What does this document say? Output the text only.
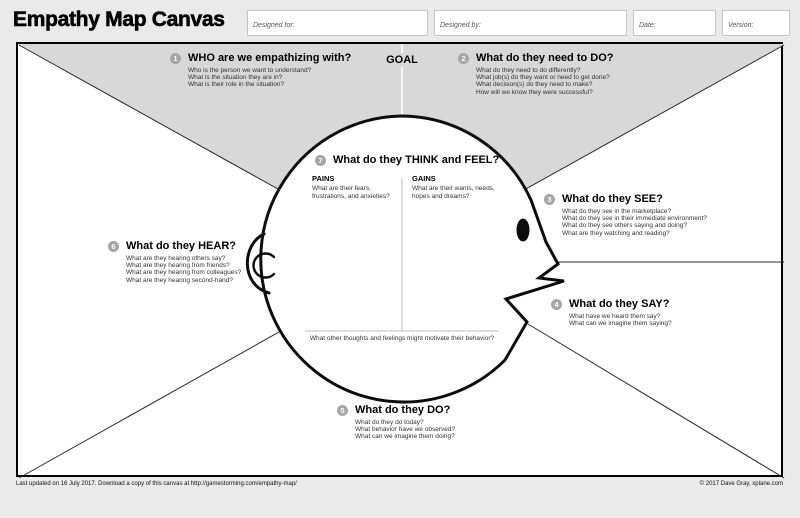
Empathy Map Canvas	Designed for:	Designed by:	Date:	Version:
GOAL
1 WHO are we empathizing with?
Who is the person we want to understand?
What is the situation they are in?
What is their role in the situation?
2 What do they need to DO?
What do they need to do differently?
What job(s) do they want or need to get done?
What decision(s) do they need to make?
How will we know they were successful?
7 What do they THINK and FEEL?
PAINS
What are their fears, frustrations, and anxieties?
GAINS
What are their wants, needs, hopes and dreams?
What other thoughts and feelings might motivate their behavior?
3 What do they SEE?
What do they see in the marketplace?
What do they see in their immediate environment?
What do they see others saying and doing?
What are they watching and reading?
4 What do they SAY?
What have we heard them say?
What can we imagine them saying?
6 What do they HEAR?
What are they hearing others say?
What are they hearing from friends?
What are they hearing from colleagues?
What are they hearing second-hand?
5 What do they DO?
What do they do today?
What behavior have we observed?
What can we imagine them doing?
Last updated on 16 July 2017. Download a copy of this canvas at http://gamestorming.com/empathy-map/	© 2017 Dave Gray, xplane.com
